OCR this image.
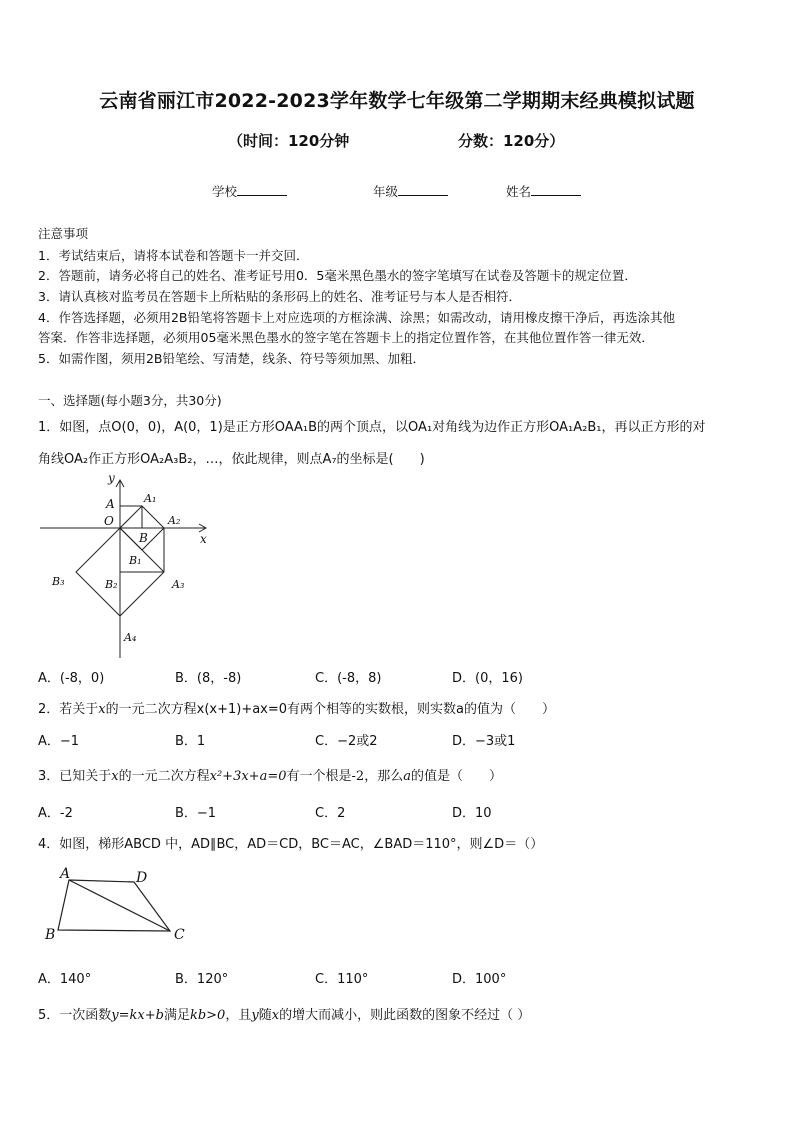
云南省丽江市2022-2023学年数学七年级第二学期期末经典模拟试题
（时间：120分钟	分数：120分）
学校	年级	姓名
注意事项
1．考试结束后，请将本试卷和答题卡一并交回．
2．答题前，请务必将自己的姓名、准考证号用0．5毫米黑色墨水的签字笔填写在试卷及答题卡的规定位置．
3．请认真核对监考员在答题卡上所粘贴的条形码上的姓名、准考证号与本人是否相符．
4．作答选择题，必须用2B铅笔将答题卡上对应选项的方框涂满、涂黑；如需改动，请用橡皮擦干净后，再选涂其他
答案．作答非选择题，必须用05毫米黑色墨水的签字笔在答题卡上的指定位置作答，在其他位置作答一律无效．
5．如需作图，须用2B铅笔绘、写清楚，线条、符号等须加黑、加粗．
一、选择题(每小题3分，共30分)
1．如图，点O(0，0)，A(0，1)是正方形OAA₁B的两个顶点，以OA₁对角线为边作正方形OA₁A₂B₁，再以正方形的对
角线OA₂作正方形OA₂A₃B₂，…，依此规律，则点A₇的坐标是(　　)
y
A	A₁
O	A₂
x
B
B₁
B₃	B₂	A₃
A₄
A．(-8，0)	B．(8，-8)	C．(-8，8)	D．(0，16)
2．若关于x的一元二次方程x(x+1)+ax=0有两个相等的实数根，则实数a的值为（　　）
A．−1	B．1	C．−2或2	D．−3或1
3．已知关于x的一元二次方程x²+3x+a=0有一个根是-2，那么a的值是（　　）
A．-2	B．−1	C．2	D．10
4．如图，梯形ABCD 中，AD∥BC，AD＝CD，BC＝AC，∠BAD＝110°，则∠D＝（）
A	D
B	C
A．140°	B．120°	C．110°	D．100°
5．一次函数y=kx+b满足kb>0，且y随x的增大而减小，则此函数的图象不经过（ ）
